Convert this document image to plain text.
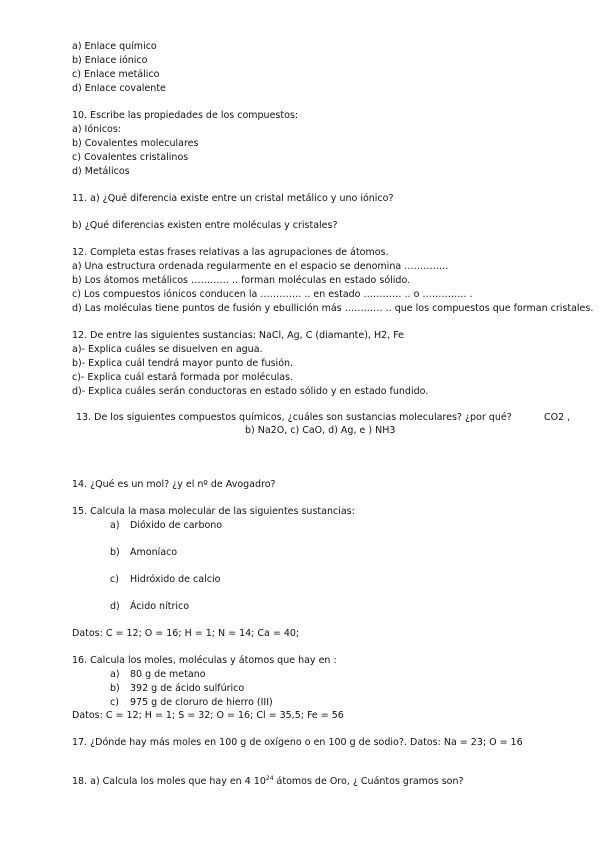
a) Enlace químico
b) Enlace iónico
c) Enlace metálico
d) Enlace covalente
10. Escribe las propiedades de los compuestos:
a) Iónicos:
b) Covalentes moleculares
c) Covalentes cristalinos
d) Metálicos
11. a) ¿Qué diferencia existe entre un cristal metálico y uno iónico?
b) ¿Qué diferencias existen entre moléculas y cristales?
12. Completa estas frases relativas a las agrupaciones de átomos.
a) Una estructura ordenada regularmente en el espacio se denomina …………..
b) Los átomos metálicos ………… .. forman moléculas en estado sólido.
c) Los compuestos iónicos conducen la …………. .. en estado ………… .. o ………….. .
d) Las moléculas tiene puntos de fusión y ebullición más ………… .. que los compuestos que forman cristales.
12. De entre las siguientes sustancias: NaCl, Ag, C (diamante), H2, Fe
a)- Explica cuáles se disuelven en agua.
b)- Explica cuál tendrá mayor punto de fusión.
c)- Explica cuál estará formada por moléculas.
d)- Explica cuáles serán conductoras en estado sólido y en estado fundido.
13. De los siguientes compuestos químicos, ¿cuáles son sustancias moleculares? ¿por qué?	CO2 ,
b) Na2O, c) CaO, d) Ag, e ) NH3
14. ¿Qué es un mol? ¿y el nº de Avogadro?
15. Calcula la masa molecular de las siguientes sustancias:
a) Dióxido de carbono
b) Amoníaco
c) Hidróxido de calcio
d) Ácido nítrico
Datos: C = 12; O = 16; H = 1; N = 14; Ca = 40;
16. Calcula los moles, moléculas y átomos que hay en :
a) 80 g de metano
b) 392 g de ácido sulfúrico
c) 975 g de cloruro de hierro (III)
Datos: C = 12; H = 1; S = 32; O = 16; Cl = 35,5; Fe = 56
17. ¿Dónde hay más moles en 100 g de oxígeno o en 100 g de sodio?. Datos: Na = 23; O = 16
18. a) Calcula los moles que hay en 4 $10^{24}$ átomos de Oro, ¿ Cuántos gramos son?
